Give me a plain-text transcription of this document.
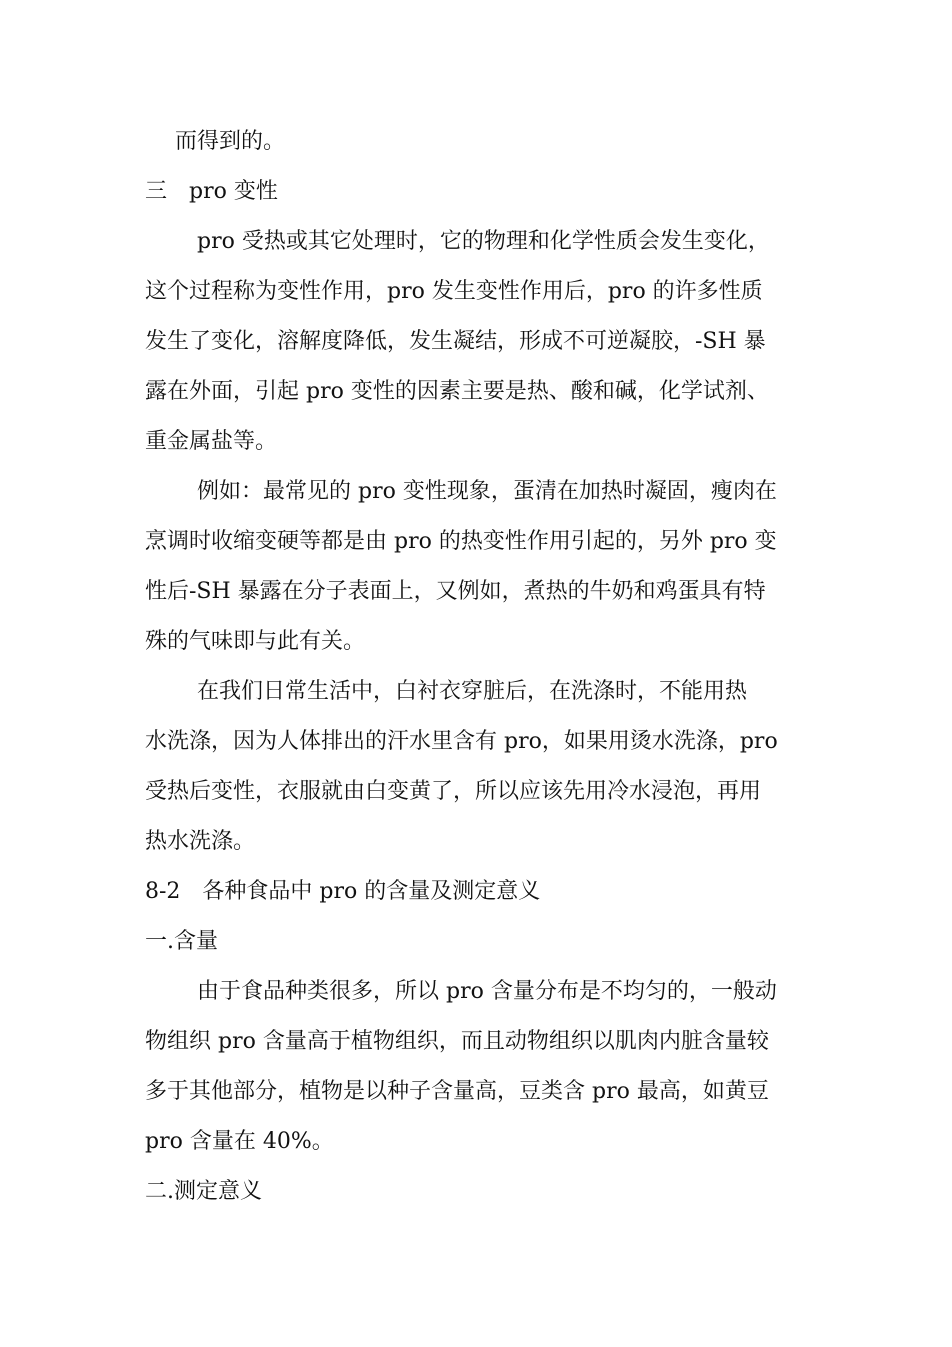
而得到的。
三　pro 变性
pro 受热或其它处理时，它的物理和化学性质会发生变化，
这个过程称为变性作用，pro 发生变性作用后，pro 的许多性质
发生了变化，溶解度降低，发生凝结，形成不可逆凝胶，-SH 暴
露在外面，引起 pro 变性的因素主要是热、酸和碱，化学试剂、
重金属盐等。
例如：最常见的 pro 变性现象，蛋清在加热时凝固，瘦肉在
烹调时收缩变硬等都是由 pro 的热变性作用引起的，另外 pro 变
性后-SH 暴露在分子表面上，又例如，煮热的牛奶和鸡蛋具有特
殊的气味即与此有关。
在我们日常生活中，白衬衣穿脏后，在洗涤时，不能用热
水洗涤，因为人体排出的汗水里含有 pro，如果用烫水洗涤，pro
受热后变性，衣服就由白变黄了，所以应该先用冷水浸泡，再用
热水洗涤。
8-2　各种食品中 pro 的含量及测定意义
一.含量
由于食品种类很多，所以 pro 含量分布是不均匀的，一般动
物组织 pro 含量高于植物组织，而且动物组织以肌肉内脏含量较
多于其他部分，植物是以种子含量高，豆类含 pro 最高，如黄豆
pro 含量在 40%。
二.测定意义
